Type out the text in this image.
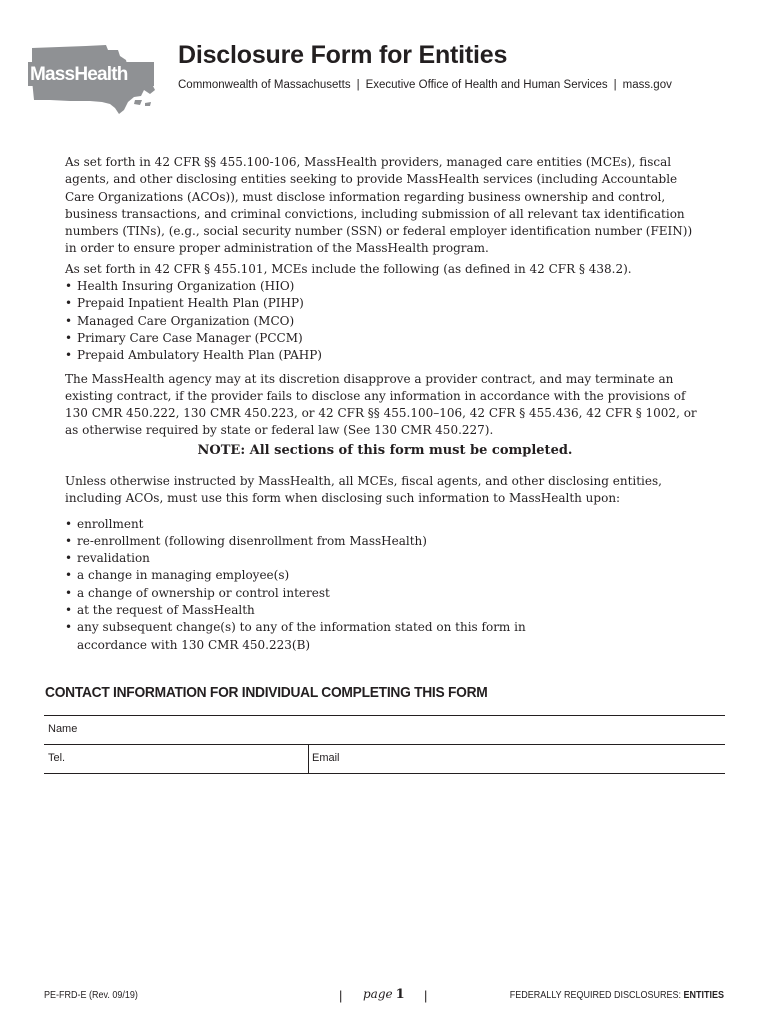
MassHealth
Disclosure Form for Entities
Commonwealth of Massachusetts | Executive Office of Health and Human Services | mass.gov

As set forth in 42 CFR §§ 455.100-106, MassHealth providers, managed care entities (MCEs), fiscal agents, and other disclosing entities seeking to provide MassHealth services (including Accountable Care Organizations (ACOs)), must disclose information regarding business ownership and control, business transactions, and criminal convictions, including submission of all relevant tax identification numbers (TINs), (e.g., social security number (SSN) or federal employer identification number (FEIN)) in order to ensure proper administration of the MassHealth program.

As set forth in 42 CFR § 455.101, MCEs include the following (as defined in 42 CFR § 438.2).

• Health Insuring Organization (HIO)
• Prepaid Inpatient Health Plan (PIHP)
• Managed Care Organization (MCO)
• Primary Care Case Manager (PCCM)
• Prepaid Ambulatory Health Plan (PAHP)

The MassHealth agency may at its discretion disapprove a provider contract, and may terminate an existing contract, if the provider fails to disclose any information in accordance with the provisions of 130 CMR 450.222, 130 CMR 450.223, or 42 CFR §§ 455.100–106, 42 CFR § 455.436, 42 CFR § 1002, or as otherwise required by state or federal law (See 130 CMR 450.227).

NOTE: All sections of this form must be completed.

Unless otherwise instructed by MassHealth, all MCEs, fiscal agents, and other disclosing entities, including ACOs, must use this form when disclosing such information to MassHealth upon:

• enrollment
• re-enrollment (following disenrollment from MassHealth)
• revalidation
• a change in managing employee(s)
• a change of ownership or control interest
• at the request of MassHealth
• any subsequent change(s) to any of the information stated on this form in accordance with 130 CMR 450.223(B)
CONTACT INFORMATION FOR INDIVIDUAL COMPLETING THIS FORM
Name
Tel.	Email
PE-FRD-E (Rev. 09/19)	| page 1 |	FEDERALLY REQUIRED DISCLOSURES: ENTITIES
